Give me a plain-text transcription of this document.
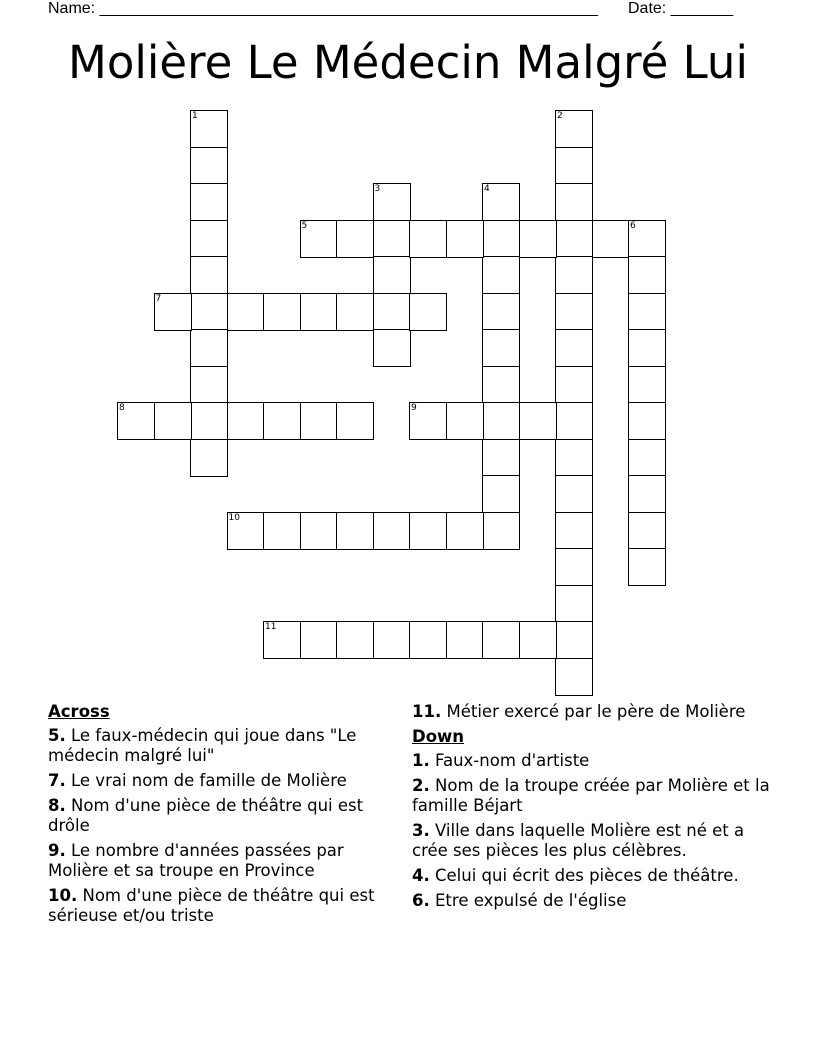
Name: ________________________________________________________ Date: _______
Molière Le Médecin Malgré Lui
1	2
3	4
5	6
7
8	9
10
11
Across
5. Le faux-médecin qui joue dans "Le médecin malgré lui"
7. Le vrai nom de famille de Molière
8. Nom d'une pièce de théâtre qui est drôle
9. Le nombre d'années passées par Molière et sa troupe en Province
10. Nom d'une pièce de théâtre qui est sérieuse et/ou triste
11. Métier exercé par le père de Molière
Down
1. Faux-nom d'artiste
2. Nom de la troupe créée par Molière et la famille Béjart
3. Ville dans laquelle Molière est né et a crée ses pièces les plus célèbres.
4. Celui qui écrit des pièces de théâtre.
6. Etre expulsé de l'église
